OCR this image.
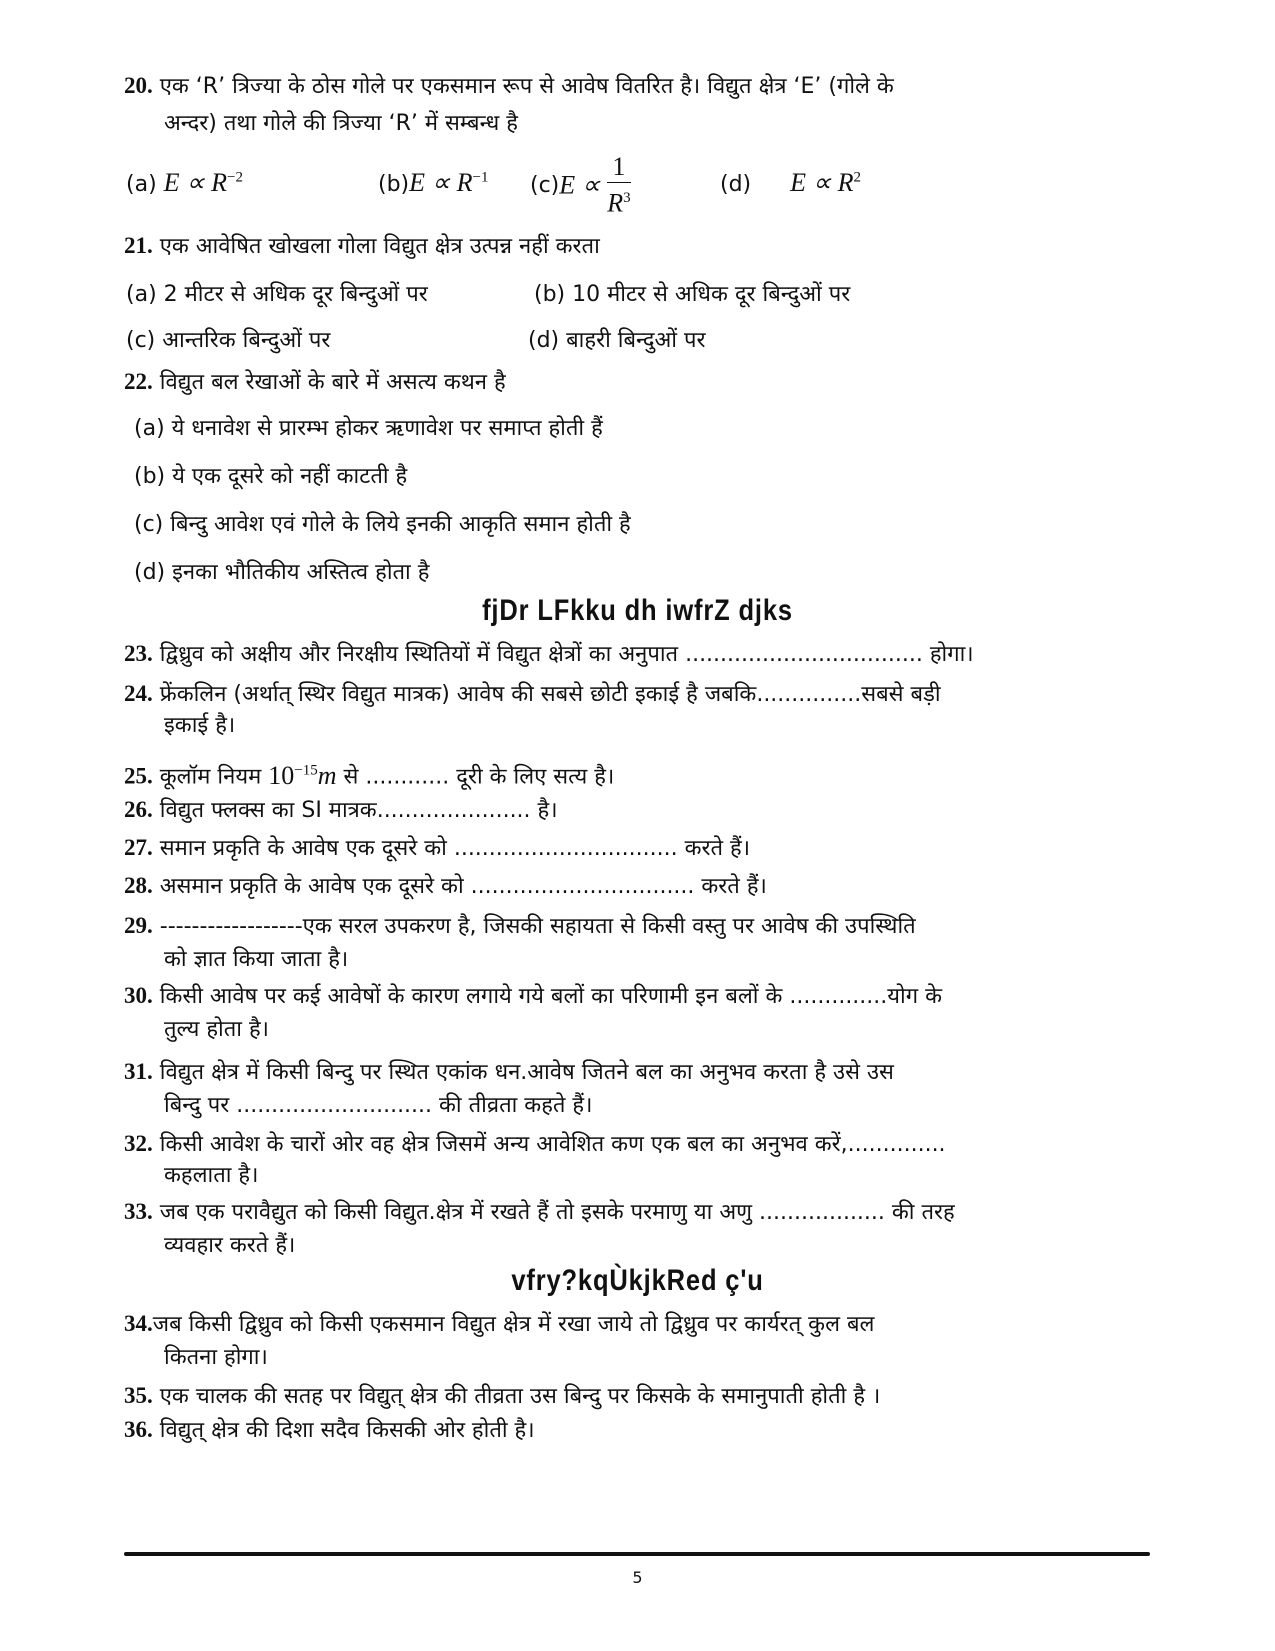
20. एक ‘R’ त्रिज्या के ठोस गोले पर एकसमान रूप से आवेष वितरित है। विद्युत क्षेत्र ‘E’ (गोले के
अन्दर) तथा गोले की त्रिज्या ‘R’ में सम्बन्ध है
(a) $E \propto R^{-2}$	$(b)E \propto R^{-1}$ $(c)E \propto \frac{1}{R^3}$	(d) $E \propto R^2$
21. एक आवेषित खोखला गोला विद्युत क्षेत्र उत्पन्न नहीं करता
(a) 2 मीटर से अधिक दूर बिन्दुओं पर	(b) 10 मीटर से अधिक दूर बिन्दुओं पर
(c) आन्तरिक बिन्दुओं पर	(d) बाहरी बिन्दुओं पर
22. विद्युत बल रेखाओं के बारे में असत्य कथन है
(a) ये धनावेश से प्रारम्भ होकर ऋणावेश पर समाप्त होती हैं
(b) ये एक दूसरे को नहीं काटती है
(c) बिन्दु आवेश एवं गोले के लिये इनकी आकृति समान होती है
(d) इनका भौतिकीय अस्तित्व होता है
fjDr LFkku dh iwfrZ djks
23. द्विध्रुव को अक्षीय और निरक्षीय स्थितियों में विद्युत क्षेत्रों का अनुपात .................................. होगा।
24. फ्रेंकलिन (अर्थात् स्थिर विद्युत मात्रक) आवेष की सबसे छोटी इकाई है जबकि...............सबसे बड़ी
इकाई है।
25. कूलॉम नियम $10^{-15}m$ से ............ दूरी के लिए सत्य है।
26. विद्युत फ्लक्स का SI मात्रक...................... है।
27. समान प्रकृति के आवेष एक दूसरे को ................................ करते हैं।
28. असमान प्रकृति के आवेष एक दूसरे को ................................ करते हैं।
29. ------------------एक सरल उपकरण है, जिसकी सहायता से किसी वस्तु पर आवेष की उपस्थिति
को ज्ञात किया जाता है।
30. किसी आवेष पर कई आवेषों के कारण लगाये गये बलों का परिणामी इन बलों के ..............योग के
तुल्य होता है।
31. विद्युत क्षेत्र में किसी बिन्दु पर स्थित एकांक धन.आवेष जितने बल का अनुभव करता है उसे उस
बिन्दु पर ............................ की तीव्रता कहते हैं।
32. किसी आवेश के चारों ओर वह क्षेत्र जिसमें अन्य आवेशित कण एक बल का अनुभव करें,..............
कहलाता है।
33. जब एक परावैद्युत को किसी विद्युत.क्षेत्र में रखते हैं तो इसके परमाणु या अणु .................. की तरह
व्यवहार करते हैं।
vfry?kqÙkjkRed ç'u
34.जब किसी द्विध्रुव को किसी एकसमान विद्युत क्षेत्र में रखा जाये तो द्विध्रुव पर कार्यरत् कुल बल
कितना होगा।
35. एक चालक की सतह पर विद्युत् क्षेत्र की तीव्रता उस बिन्दु पर किसके के समानुपाती होती है ।
36. विद्युत् क्षेत्र की दिशा सदैव किसकी ओर होती है।
5
